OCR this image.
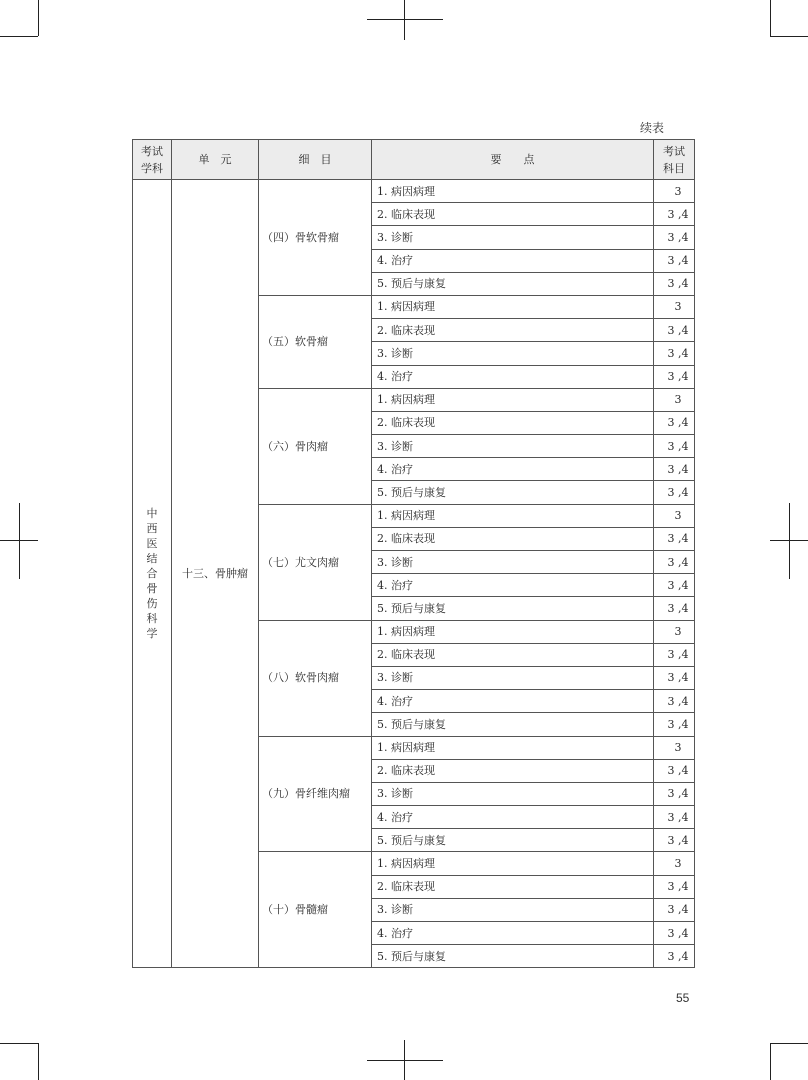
续表
考试
学科	单　元	细　目	要　　点	考试
科目
中西医结合骨伤科学	十三、骨肿瘤	（四）骨软骨瘤	1. 病因病理	3
			2. 临床表现	3 ,4
			3. 诊断	3 ,4
			4. 治疗	3 ,4
			5. 预后与康复	3 ,4
		（五）软骨瘤	1. 病因病理	3
			2. 临床表现	3 ,4
			3. 诊断	3 ,4
			4. 治疗	3 ,4
		（六）骨肉瘤	1. 病因病理	3
			2. 临床表现	3 ,4
			3. 诊断	3 ,4
			4. 治疗	3 ,4
			5. 预后与康复	3 ,4
		（七）尤文肉瘤	1. 病因病理	3
			2. 临床表现	3 ,4
			3. 诊断	3 ,4
			4. 治疗	3 ,4
			5. 预后与康复	3 ,4
		（八）软骨肉瘤	1. 病因病理	3
			2. 临床表现	3 ,4
			3. 诊断	3 ,4
			4. 治疗	3 ,4
			5. 预后与康复	3 ,4
		（九）骨纤维肉瘤	1. 病因病理	3
			2. 临床表现	3 ,4
			3. 诊断	3 ,4
			4. 治疗	3 ,4
			5. 预后与康复	3 ,4
		（十）骨髓瘤	1. 病因病理	3
			2. 临床表现	3 ,4
			3. 诊断	3 ,4
			4. 治疗	3 ,4
			5. 预后与康复	3 ,4
55
